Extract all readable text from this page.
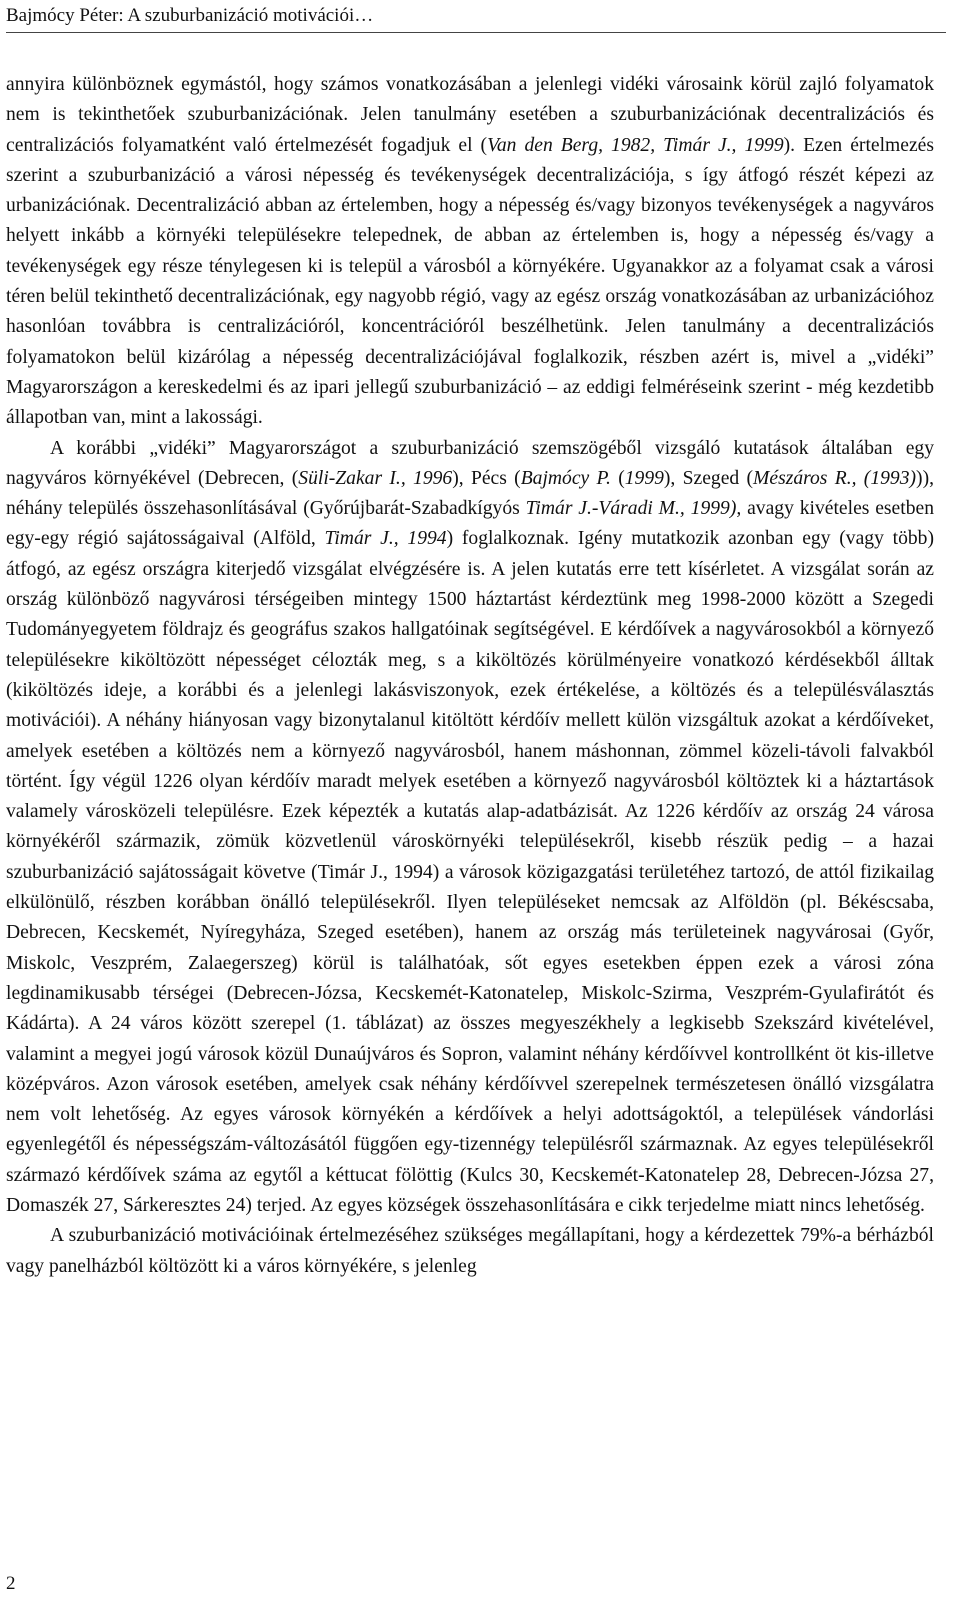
Bajmócy Péter: A szuburbanizáció motivációi…

annyira különböznek egymástól, hogy számos vonatkozásában a jelenlegi vidéki városaink körül zajló folyamatok nem is tekinthetőek szuburbanizációnak. Jelen tanulmány esetében a szuburbanizációnak decentralizációs és centralizációs folyamatként való értelmezését fogadjuk el (Van den Berg, 1982, Timár J., 1999). Ezen értelmezés szerint a szuburbanizáció a városi népesség és tevékenységek decentralizációja, s így átfogó részét képezi az urbanizációnak. Decentralizáció abban az értelemben, hogy a népesség és/vagy bizonyos tevékenységek a nagyváros helyett inkább a környéki településekre telepednek, de abban az értelemben is, hogy a népesség és/vagy a tevékenységek egy része ténylegesen ki is települ a városból a környékére. Ugyanakkor az a folyamat csak a városi téren belül tekinthető decentralizációnak, egy nagyobb régió, vagy az egész ország vonatkozásában az urbanizációhoz hasonlóan továbbra is centralizációról, koncentrációról beszélhetünk. Jelen tanulmány a decentralizációs folyamatokon belül kizárólag a népesség decentralizációjával foglalkozik, részben azért is, mivel a „vidéki” Magyarországon a kereskedelmi és az ipari jellegű szuburbanizáció – az eddigi felméréseink szerint - még kezdetibb állapotban van, mint a lakossági.

A korábbi „vidéki” Magyarországot a szuburbanizáció szemszögéből vizsgáló kutatások általában egy nagyváros környékével (Debrecen, (Süli-Zakar I., 1996), Pécs (Bajmócy P. (1999), Szeged (Mészáros R., (1993))), néhány település összehasonlításával (Győrújbarát-Szabadkígyós Timár J.-Váradi M., 1999), avagy kivételes esetben egy-egy régió sajátosságaival (Alföld, Timár J., 1994) foglalkoznak. Igény mutatkozik azonban egy (vagy több) átfogó, az egész országra kiterjedő vizsgálat elvégzésére is. A jelen kutatás erre tett kísérletet. A vizsgálat során az ország különböző nagyvárosi térségeiben mintegy 1500 háztartást kérdeztünk meg 1998-2000 között a Szegedi Tudományegyetem földrajz és geográfus szakos hallgatóinak segítségével. E kérdőívek a nagyvárosokból a környező településekre kiköltözött népességet célozták meg, s a kiköltözés körülményeire vonatkozó kérdésekből álltak (kiköltözés ideje, a korábbi és a jelenlegi lakásviszonyok, ezek értékelése, a költözés és a településválasztás motivációi). A néhány hiányosan vagy bizonytalanul kitöltött kérdőív mellett külön vizsgáltuk azokat a kérdőíveket, amelyek esetében a költözés nem a környező nagyvárosból, hanem máshonnan, zömmel közeli-távoli falvakból történt. Így végül 1226 olyan kérdőív maradt melyek esetében a környező nagyvárosból költöztek ki a háztartások valamely városközeli településre. Ezek képezték a kutatás alap-adatbázisát. Az 1226 kérdőív az ország 24 városa környékéről származik, zömük közvetlenül városkörnyéki településekről, kisebb részük pedig – a hazai szuburbanizáció sajátosságait követve (Timár J., 1994) a városok közigazgatási területéhez tartozó, de attól fizikailag elkülönülő, részben korábban önálló településekről. Ilyen településeket nemcsak az Alföldön (pl. Békéscsaba, Debrecen, Kecskemét, Nyíregyháza, Szeged esetében), hanem az ország más területeinek nagyvárosai (Győr, Miskolc, Veszprém, Zalaegerszeg) körül is találhatóak, sőt egyes esetekben éppen ezek a városi zóna legdinamikusabb térségei (Debrecen-Józsa, Kecskemét-Katonatelep, Miskolc-Szirma, Veszprém-Gyulafirátót és Kádárta). A 24 város között szerepel (1. táblázat) az összes megyeszékhely a legkisebb Szekszárd kivételével, valamint a megyei jogú városok közül Dunaújváros és Sopron, valamint néhány kérdőívvel kontrollként öt kis-illetve középváros. Azon városok esetében, amelyek csak néhány kérdőívvel szerepelnek természetesen önálló vizsgálatra nem volt lehetőség. Az egyes városok környékén a kérdőívek a helyi adottságoktól, a települések vándorlási egyenlegétől és népességszám-változásától függően egy-tizennégy településről származnak. Az egyes településekről származó kérdőívek száma az egytől a kéttucat fölöttig (Kulcs 30, Kecskemét-Katonatelep 28, Debrecen-Józsa 27, Domaszék 27, Sárkeresztes 24) terjed. Az egyes községek összehasonlítására e cikk terjedelme miatt nincs lehetőség.

A szuburbanizáció motivációinak értelmezéséhez szükséges megállapítani, hogy a kérdezettek 79%-a bérházból vagy panelházból költözött ki a város környékére, s jelenleg

2
